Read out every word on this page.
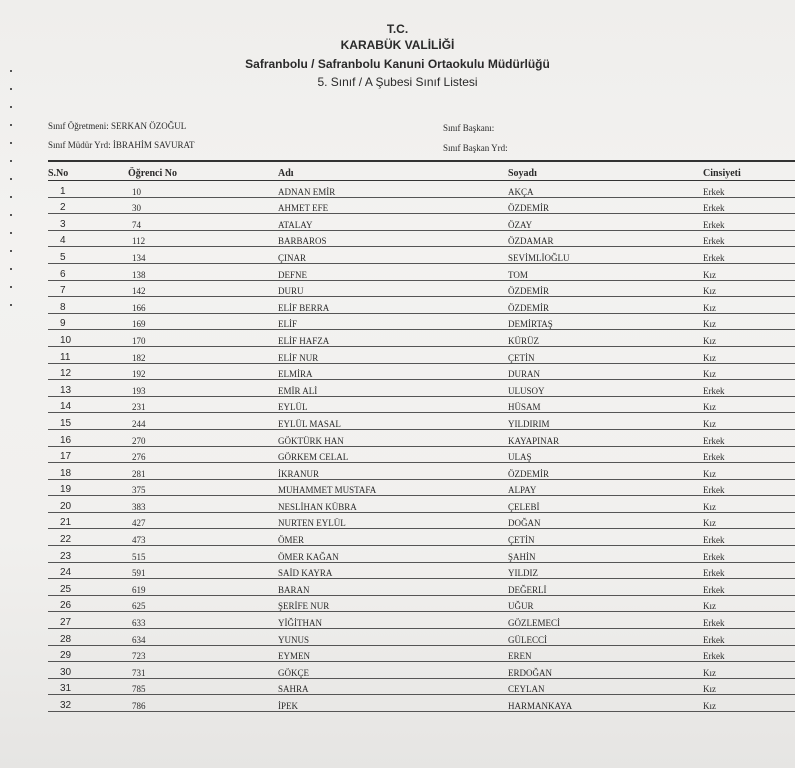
T.C.
KARABÜK VALİLİĞİ
Safranbolu / Safranbolu Kanuni Ortaokulu Müdürlüğü
5. Sınıf / A Şubesi Sınıf Listesi
Sınıf Öğretmeni: SERKAN ÖZOĞUL
Sınıf Müdür Yrd: İBRAHİM SAVURAT
Sınıf Başkanı:
Sınıf Başkan Yrd:
S.No	Öğrenci No	Adı	Soyadı	Cinsiyeti
1	10	ADNAN EMİR	AKÇA	Erkek
2	30	AHMET EFE	ÖZDEMİR	Erkek
3	74	ATALAY	ÖZAY	Erkek
4	112	BARBAROS	ÖZDAMAR	Erkek
5	134	ÇINAR	SEVİMLİOĞLU	Erkek
6	138	DEFNE	TOM	Kız
7	142	DURU	ÖZDEMİR	Kız
8	166	ELİF BERRA	ÖZDEMİR	Kız
9	169	ELİF	DEMİRTAŞ	Kız
10	170	ELİF HAFZA	KÜRÜZ	Kız
11	182	ELİF NUR	ÇETİN	Kız
12	192	ELMİRA	DURAN	Kız
13	193	EMİR ALİ	ULUSOY	Erkek
14	231	EYLÜL	HÜSAM	Kız
15	244	EYLÜL MASAL	YILDIRIM	Kız
16	270	GÖKTÜRK HAN	KAYAPINAR	Erkek
17	276	GÖRKEM CELAL	ULAŞ	Erkek
18	281	İKRANUR	ÖZDEMİR	Kız
19	375	MUHAMMET MUSTAFA	ALPAY	Erkek
20	383	NESLİHAN KÜBRA	ÇELEBİ	Kız
21	427	NURTEN EYLÜL	DOĞAN	Kız
22	473	ÖMER	ÇETİN	Erkek
23	515	ÖMER KAĞAN	ŞAHİN	Erkek
24	591	SAİD KAYRA	YILDIZ	Erkek
25	619	BARAN	DEĞERLİ	Erkek
26	625	ŞERİFE NUR	UĞUR	Kız
27	633	YİĞİTHAN	GÖZLEMECİ	Erkek
28	634	YUNUS	GÜLECCİ	Erkek
29	723	EYMEN	EREN	Erkek
30	731	GÖKÇE	ERDOĞAN	Kız
31	785	SAHRA	CEYLAN	Kız
32	786	İPEK	HARMANKAYA	Kız
